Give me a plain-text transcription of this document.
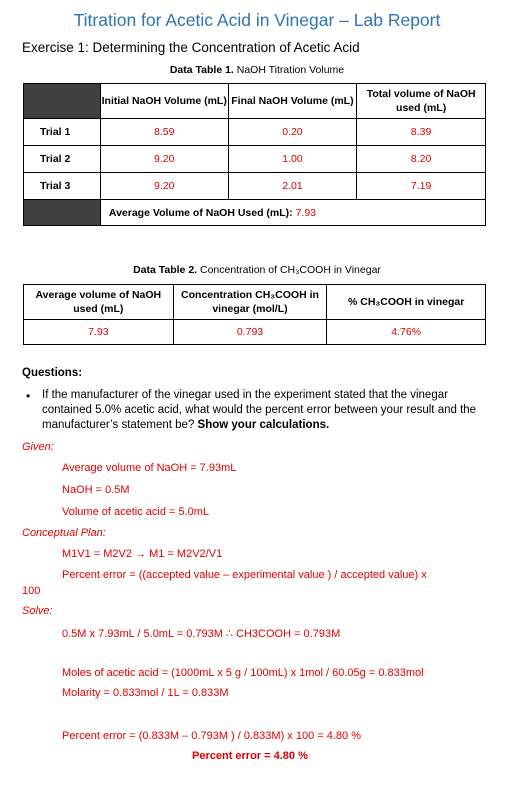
Titration for Acetic Acid in Vinegar – Lab Report
Exercise 1: Determining the Concentration of Acetic Acid
Data Table 1. NaOH Titration Volume
	Initial NaOH Volume (mL)	Final NaOH Volume (mL)	Total volume of NaOH used (mL)
Trial 1	8.59	0.20	8.39
Trial 2	9.20	1.00	8.20
Trial 3	9.20	2.01	7.19
	Average Volume of NaOH Used (mL): 7.93		
Data Table 2. Concentration of CH₃COOH in Vinegar
Average volume of NaOH used (mL)	Concentration CH₃COOH in vinegar (mol/L)	% CH₃COOH in vinegar
7.93	0.793	4.76%
Questions:
• If the manufacturer of the vinegar used in the experiment stated that the vinegar contained 5.0% acetic acid, what would the percent error between your result and the manufacturer’s statement be? Show your calculations.
Given:
Average volume of NaOH = 7.93mL
NaOH = 0.5M
Volume of acetic acid = 5.0mL
Conceptual Plan:
M1V1 = M2V2 → M1 = M2V2/V1
Percent error = ((accepted value – experimental value ) / accepted value) x
100
Solve:
0.5M x 7.93mL / 5.0mL = 0.793M ∴ CH3COOH = 0.793M
Moles of acetic acid = (1000mL x 5 g / 100mL) x 1mol / 60.05g = 0.833mol
Molarity = 0.833mol / 1L = 0.833M
Percent error = (0.833M – 0.793M ) / 0.833M) x 100 = 4.80 %
Percent error = 4.80 %
